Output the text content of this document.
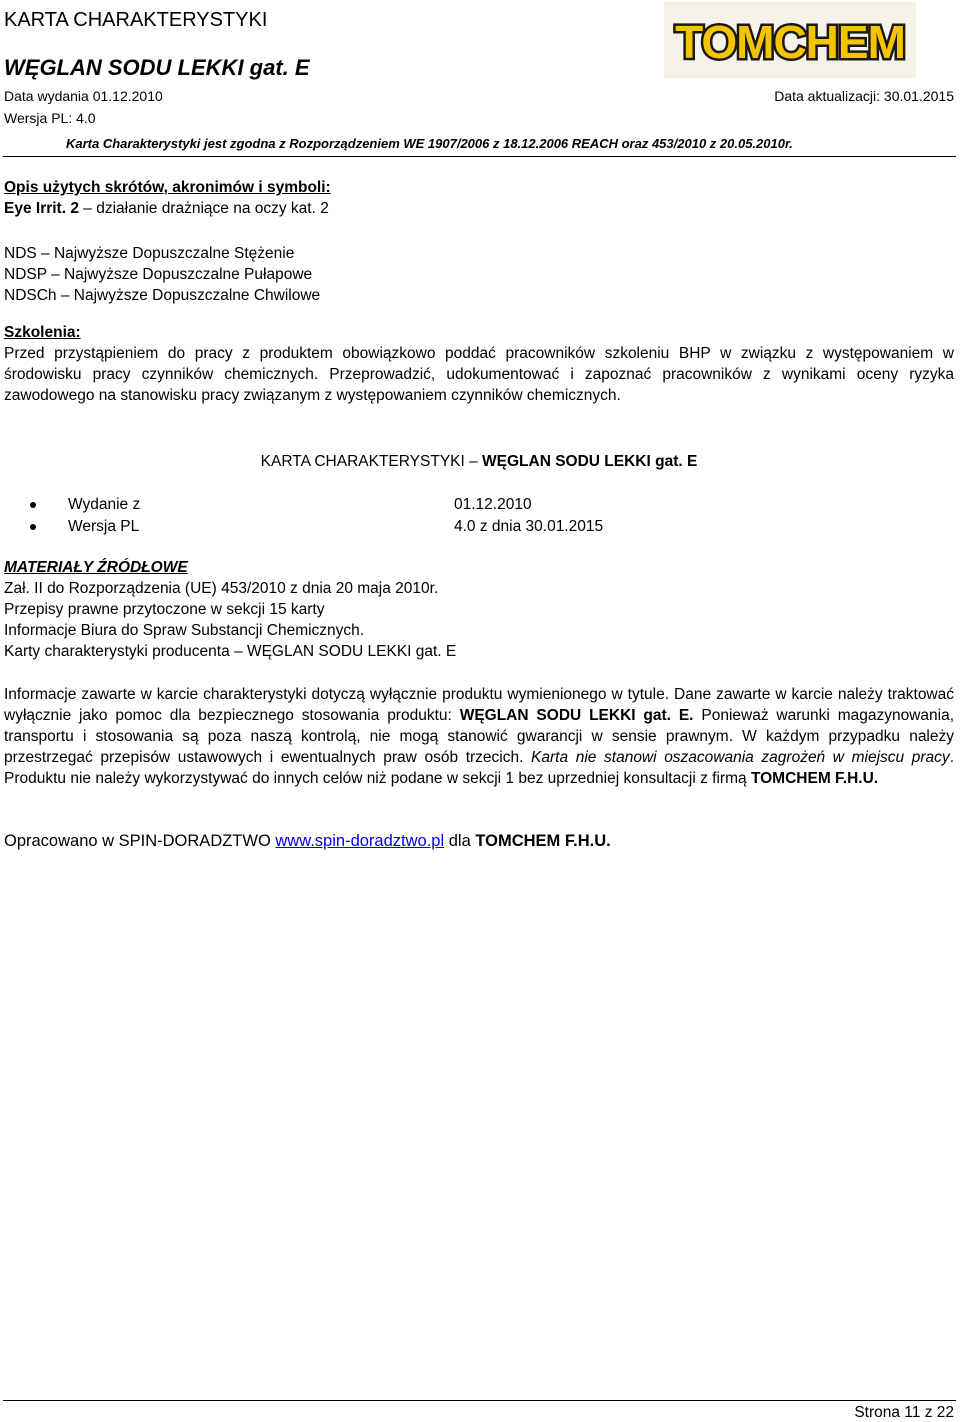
KARTA CHARAKTERYSTYKI
WĘGLAN SODU LEKKI gat. E
Data wydania 01.12.2010	Data aktualizacji: 30.01.2015
Wersja PL: 4.0
Karta Charakterystyki jest zgodna z Rozporządzeniem WE 1907/2006 z 18.12.2006 REACH oraz 453/2010 z 20.05.2010r.
TOMCHEM
Opis użytych skrótów, akronimów i symboli:
Eye Irrit. 2 – działanie drażniące na oczy kat. 2
NDS – Najwyższe Dopuszczalne Stężenie
NDSP – Najwyższe Dopuszczalne Pułapowe
NDSCh – Najwyższe Dopuszczalne Chwilowe
Szkolenia:
Przed przystąpieniem do pracy z produktem obowiązkowo poddać pracowników szkoleniu BHP w związku z występowaniem w środowisku pracy czynników chemicznych. Przeprowadzić, udokumentować i zapoznać pracowników z wynikami oceny ryzyka zawodowego na stanowisku pracy związanym z występowaniem czynników chemicznych.
KARTA CHARAKTERYSTYKI – WĘGLAN SODU LEKKI gat. E
Wydanie z	01.12.2010
Wersja PL	4.0 z dnia 30.01.2015
MATERIAŁY ŹRÓDŁOWE
Zał. II do Rozporządzenia (UE) 453/2010 z dnia 20 maja 2010r.
Przepisy prawne przytoczone w sekcji 15 karty
Informacje Biura do Spraw Substancji Chemicznych.
Karty charakterystyki producenta – WĘGLAN SODU LEKKI gat. E
Informacje zawarte w karcie charakterystyki dotyczą wyłącznie produktu wymienionego w tytule. Dane zawarte w karcie należy traktować wyłącznie jako pomoc dla bezpiecznego stosowania produktu: WĘGLAN SODU LEKKI gat. E. Ponieważ warunki magazynowania, transportu i stosowania są poza naszą kontrolą, nie mogą stanowić gwarancji w sensie prawnym. W każdym przypadku należy przestrzegać przepisów ustawowych i ewentualnych praw osób trzecich. Karta nie stanowi oszacowania zagrożeń w miejscu pracy. Produktu nie należy wykorzystywać do innych celów niż podane w sekcji 1 bez uprzedniej konsultacji z firmą TOMCHEM F.H.U.
Opracowano w SPIN-DORADZTWO www.spin-doradztwo.pl dla TOMCHEM F.H.U.
Strona 11 z 22
